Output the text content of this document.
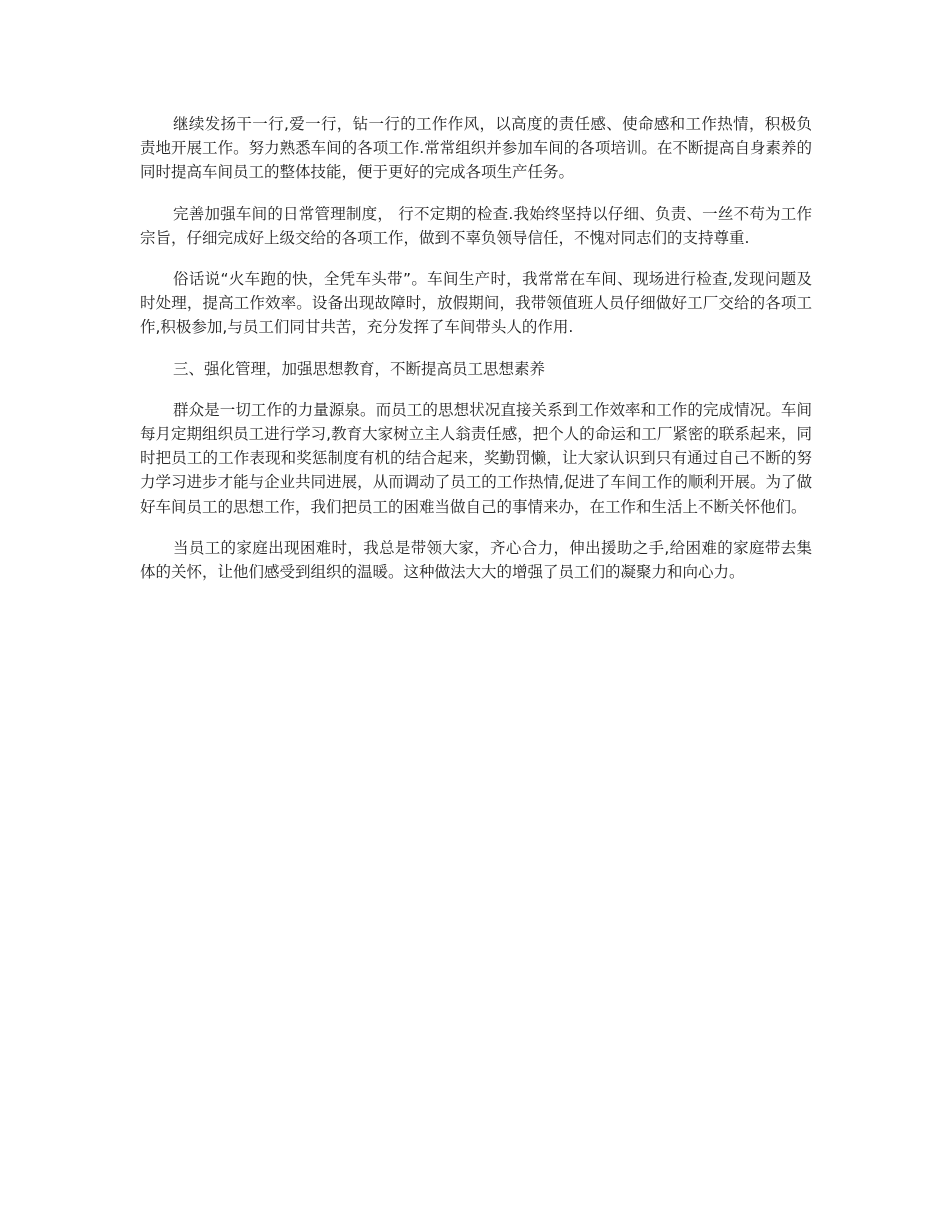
继续发扬干一行,爱一行，钻一行的工作作风，以高度的责任感、使命感和工作热情，积极负责地开展工作。努力熟悉车间的各项工作.常常组织并参加车间的各项培训。在不断提高自身素养的同时提高车间员工的整体技能，便于更好的完成各项生产任务。

完善加强车间的日常管理制度， 行不定期的检查.我始终坚持以仔细、负责、一丝不苟为工作宗旨，仔细完成好上级交给的各项工作，做到不辜负领导信任，不愧对同志们的支持尊重.

俗话说“火车跑的快，全凭车头带”。车间生产时，我常常在车间、现场进行检查,发现问题及时处理，提高工作效率。设备出现故障时，放假期间，我带领值班人员仔细做好工厂交给的各项工作,积极参加,与员工们同甘共苦，充分发挥了车间带头人的作用.

三、强化管理，加强思想教育，不断提高员工思想素养

群众是一切工作的力量源泉。而员工的思想状况直接关系到工作效率和工作的完成情况。车间每月定期组织员工进行学习,教育大家树立主人翁责任感，把个人的命运和工厂紧密的联系起来，同时把员工的工作表现和奖惩制度有机的结合起来，奖勤罚懒，让大家认识到只有通过自己不断的努力学习进步才能与企业共同进展，从而调动了员工的工作热情,促进了车间工作的顺利开展。为了做好车间员工的思想工作，我们把员工的困难当做自己的事情来办，在工作和生活上不断关怀他们。

当员工的家庭出现困难时，我总是带领大家，齐心合力，伸出援助之手,给困难的家庭带去集体的关怀，让他们感受到组织的温暖。这种做法大大的增强了员工们的凝聚力和向心力。
